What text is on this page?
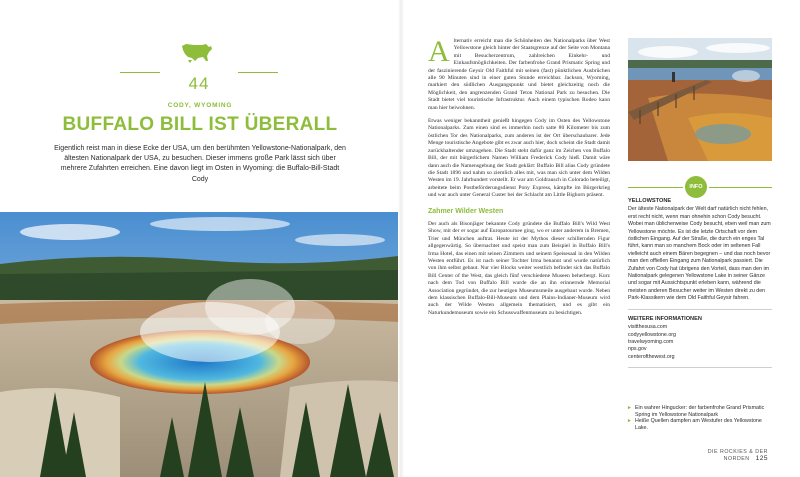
44
CODY, WYOMING
BUFFALO BILL IST ÜBERALL
Eigentlich reist man in diese Ecke der USA, um den berühmten Yellowstone-Nationalpark, den ältesten Nationalpark der USA, zu besuchen. Dieser immens große Park lässt sich über mehrere Zufahrten erreichen. Eine davon liegt im Osten in Wyoming: die Buffalo-Bill-Stadt Cody
Alternativ erreicht man die Schönheiten des Nationalparks über West Yellowstone gleich hinter der Staatsgrenze auf der Seite von Montana mit Besucherzentrum, zahlreichen Einkehr- und Einkaufsmöglichkeiten. Der farbenfrohe Grand Prismatic Spring und der faszinierende Geysir Old Faithful mit seinen (fast) pünktlichen Ausbrüchen alle 90 Minuten sind in einer guten Stunde erreichbar. Jackson, Wyoming, markiert den südlichen Ausgangspunkt und bietet gleichzeitig noch die Möglichkeit, den angrenzenden Grand Teton National Park zu besuchen. Die Stadt bietet viel touristische Infrastruktur. Auch einem typischen Rodeo kann man hier beiwohnen.
Etwas weniger bekanntheit genießt hingegen Cody im Osten des Yellowstone Nationalparks. Zum einen sind es immerhin noch satte 80 Kilometer bis zum östlichen Tor des Nationalparks, zum anderen ist der Ort überschaubarer. Jede Menge touristische Angebote gibt es zwar auch hier, doch scheint die Stadt damit zurückhaltender umzugehen. Die Stadt steht dafür ganz im Zeichen von Buffalo Bill, der mit bürgerlichem Namen William Frederick Cody hieß. Damit wäre dann auch die Namensgebung der Stadt geklärt: Buffalo Bill alias Cody gründete die Stadt 1896 und nahm so ziemlich alles mit, was man sich unter dem Wilden Westen im 19. Jahrhundert vorstellt. Er war am Goldrausch in Colorado beteiligt, arbeitete beim Postbeförderungsdienst Pony Express, kämpfte im Bürgerkrieg und war auch unter General Custer bei der Schlacht am Little Bighorn präsent.
Zahmer Wilder Westen
Der auch als Bisonjäger bekannte Cody gründete die Buffalo Bill's Wild West Show, mit der er sogar auf Europatournee ging, wo er unter anderem in Bremen, Trier und München auftrat. Heute ist der Mythos dieser schillernden Figur allgegenwärtig. So übernachtet und speist man zum Beispiel in Buffalo Bill's Irma Hotel, das einen mit seinen Zimmern und seinem Speisesaal in den Wilden Westen entführt. Es ist nach seiner Tochter Irma benannt und wurde natürlich von ihm selbst gebaut. Nur vier Blocks weiter westlich befindet sich das Buffalo Bill Center of the West, das gleich fünf verschiedene Museen beherbergt. Kurz nach dem Tod von Buffalo Bill wurde die an ihn erinnernde Memorial Association gegründet, die zur heutigen Museumsmeile ausgebaut wurde. Neben dem klassischen Buffalo-Bill-Museum und dem Plains-Indianer-Museum wird auch der Wilde Westen allgemein thematisiert, und es gibt ein Naturkundemuseum sowie ein Schusswaffenmuseum zu besichtigen.
INFO
YELLOWSTONE
Der älteste Nationalpark der Welt darf natürlich nicht fehlen, erst recht nicht, wenn man ohnehin schon Cody besucht. Wobei man üblicherweise Cody besucht, eben weil man zum Yellowstone möchte. Es ist die letzte Ortschaft vor dem östlichen Eingang. Auf der Straße, die durch ein enges Tal führt, kann man so manchem Bock oder im seltenen Fall vielleicht auch einem Bären begegnen – und das noch bevor man den offiellen Eingang zum Nationalpark passiert. Die Zufahrt von Cody hat übrigens den Vorteil, dass man den im Nationalpark gelegenen Yellowstone Lake in seiner Gänze und sogar mit Aussichtspunkt erleben kann, während die meisten anderen Besucher weiter im Westen direkt zu den Park-Klassikern wie dem Old Faithful Geysir fahren.
WEITERE INFORMATIONEN
visitthesusa.com
codyyellowstone.org
travelwyoming.com
nps.gov
centerofthewest.org
▸ Ein wahrer Hingucker: der farbenfrohe Grand Prismatic Spring im Yellowstone Nationalpark
▸ Heiße Quellen dampfen am Westufer des Yellowstone Lake.
DIE ROCKIES & DER NORDEN 125
